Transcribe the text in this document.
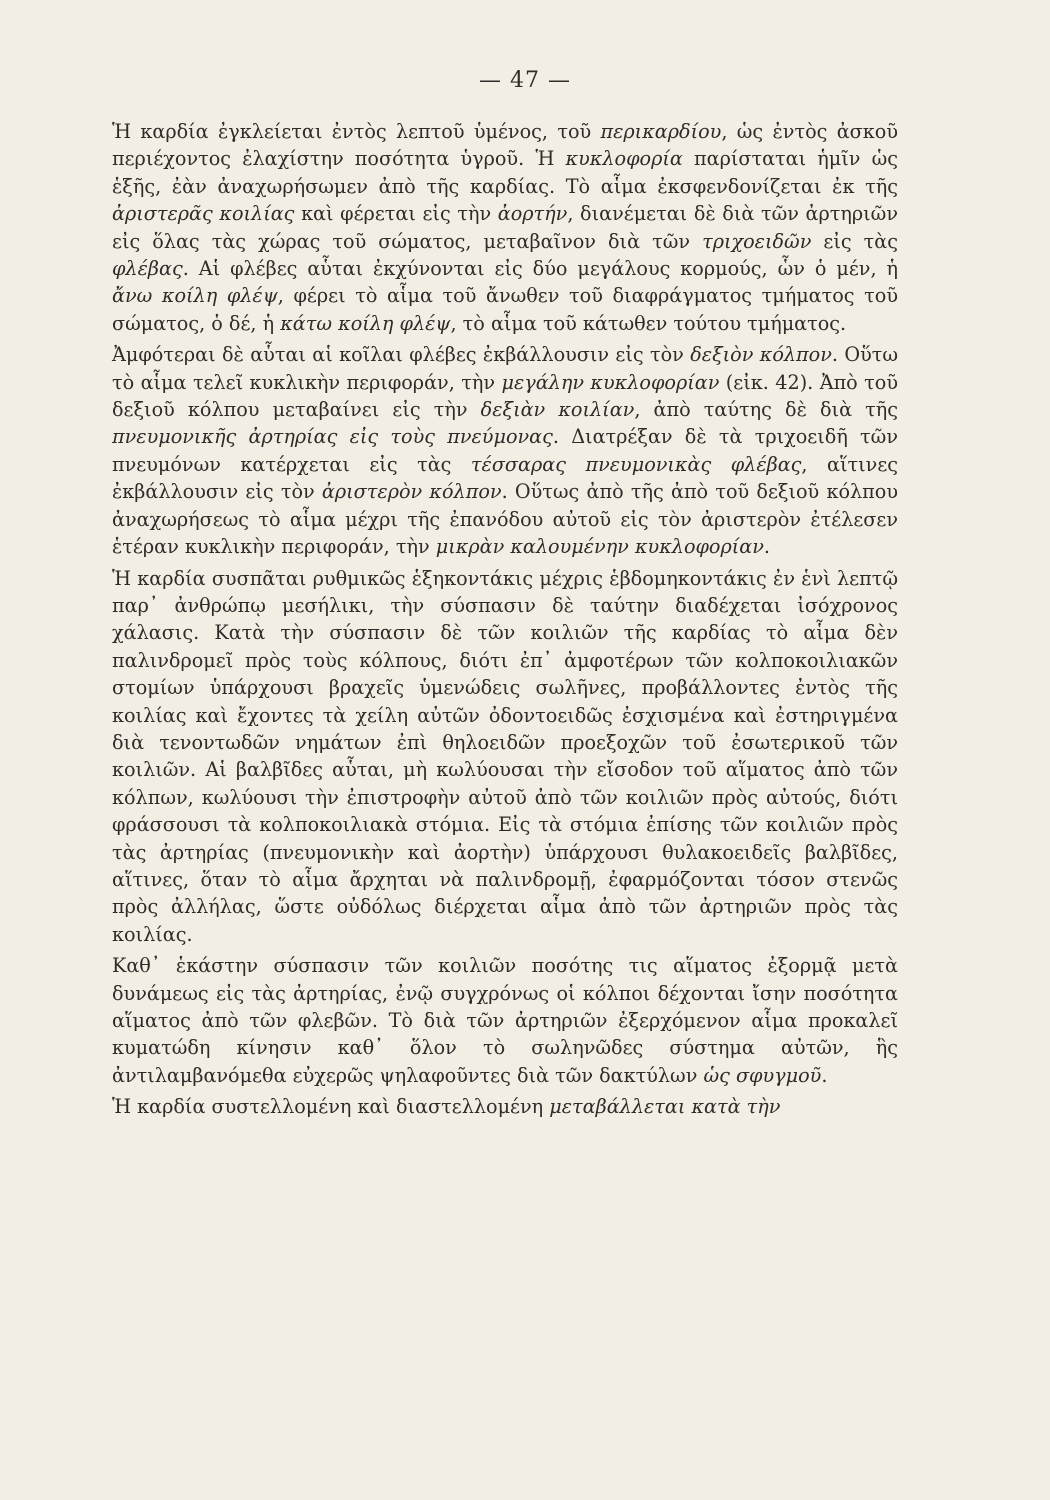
— 47 —

Ἡ καρδία ἐγκλείεται ἐντὸς λεπτοῦ ὑμένος, τοῦ περικαρδίου, ὡς ἐντὸς ἀσκοῦ περιέχοντος ἐλαχίστην ποσότητα ὑγροῦ. Ἡ κυκλοφορία παρίσταται ἡμῖν ὡς ἑξῆς, ἐὰν ἀναχωρήσωμεν ἀπὸ τῆς καρδίας. Τὸ αἷμα ἐκσφενδονίζεται ἐκ τῆς ἀριστερᾶς κοιλίας καὶ φέρεται εἰς τὴν ἀορτήν, διανέμεται δὲ διὰ τῶν ἀρτηριῶν εἰς ὅλας τὰς χώρας τοῦ σώματος, μεταβαῖνον διὰ τῶν τριχοειδῶν εἰς τὰς φλέβας. Αἱ φλέβες αὗται ἐκχύνονται εἰς δύο μεγάλους κορμούς, ὧν ὁ μέν, ἡ ἄνω κοίλη φλέψ, φέρει τὸ αἷμα τοῦ ἄνωθεν τοῦ διαφράγματος τμήματος τοῦ σώματος, ὁ δέ, ἡ κάτω κοίλη φλέψ, τὸ αἷμα τοῦ κάτωθεν τούτου τμήματος.

Ἀμφότεραι δὲ αὗται αἱ κοῖλαι φλέβες ἐκβάλλουσιν εἰς τὸν δεξιὸν κόλπον. Οὕτω τὸ αἷμα τελεῖ κυκλικὴν περιφοράν, τὴν μεγάλην κυκλοφορίαν (εἰκ. 42). Ἀπὸ τοῦ δεξιοῦ κόλπου μεταβαίνει εἰς τὴν δεξιὰν κοιλίαν, ἀπὸ ταύτης δὲ διὰ τῆς πνευμονικῆς ἀρτηρίας εἰς τοὺς πνεύμονας. Διατρέξαν δὲ τὰ τριχοειδῆ τῶν πνευμόνων κατέρχεται εἰς τὰς τέσσαρας πνευμονικὰς φλέβας, αἵτινες ἐκβάλλουσιν εἰς τὸν ἀριστερὸν κόλπον. Οὕτως ἀπὸ τῆς ἀπὸ τοῦ δεξιοῦ κόλπου ἀναχωρήσεως τὸ αἷμα μέχρι τῆς ἐπανόδου αὐτοῦ εἰς τὸν ἀριστερὸν ἐτέλεσεν ἑτέραν κυκλικὴν περιφοράν, τὴν μικρὰν καλουμένην κυκλοφορίαν.

Ἡ καρδία συσπᾶται ρυθμικῶς ἑξηκοντάκις μέχρις ἑβδομηκοντάκις ἐν ἑνὶ λεπτῷ παρ᾽ ἀνθρώπῳ μεσήλικι, τὴν σύσπασιν δὲ ταύτην διαδέχεται ἰσόχρονος χάλασις. Κατὰ τὴν σύσπασιν δὲ τῶν κοιλιῶν τῆς καρδίας τὸ αἷμα δὲν παλινδρομεῖ πρὸς τοὺς κόλπους, διότι ἐπ᾽ ἀμφοτέρων τῶν κολποκοιλιακῶν στομίων ὑπάρχουσι βραχεῖς ὑμενώδεις σωλῆνες, προβάλλοντες ἐντὸς τῆς κοιλίας καὶ ἔχοντες τὰ χείλη αὐτῶν ὀδοντοειδῶς ἐσχισμένα καὶ ἐστηριγμένα διὰ τενοντωδῶν νημάτων ἐπὶ θηλοειδῶν προεξοχῶν τοῦ ἐσωτερικοῦ τῶν κοιλιῶν. Αἱ βαλβῖδες αὗται, μὴ κωλύουσαι τὴν εἴσοδον τοῦ αἵματος ἀπὸ τῶν κόλπων, κωλύουσι τὴν ἐπιστροφὴν αὐτοῦ ἀπὸ τῶν κοιλιῶν πρὸς αὐτούς, διότι φράσσουσι τὰ κολποκοιλιακὰ στόμια. Εἰς τὰ στόμια ἐπίσης τῶν κοιλιῶν πρὸς τὰς ἀρτηρίας (πνευμονικὴν καὶ ἀορτὴν) ὑπάρχουσι θυλακοειδεῖς βαλβῖδες, αἵτινες, ὅταν τὸ αἷμα ἄρχηται νὰ παλινδρομῇ, ἐφαρμόζονται τόσον στενῶς πρὸς ἀλλήλας, ὥστε οὐδόλως διέρχεται αἷμα ἀπὸ τῶν ἀρτηριῶν πρὸς τὰς κοιλίας.

Καθ᾽ ἑκάστην σύσπασιν τῶν κοιλιῶν ποσότης τις αἵματος ἐξορμᾷ μετὰ δυνάμεως εἰς τὰς ἀρτηρίας, ἐνῷ συγχρόνως οἱ κόλποι δέχονται ἴσην ποσότητα αἵματος ἀπὸ τῶν φλεβῶν. Τὸ διὰ τῶν ἀρτηριῶν ἐξερχόμενον αἷμα προκαλεῖ κυματώδη κίνησιν καθ᾽ ὅλον τὸ σωληνῶδες σύστημα αὐτῶν, ἣς ἀντιλαμβανόμεθα εὐχερῶς ψηλαφοῦντες διὰ τῶν δακτύλων ὡς σφυγμοῦ.

Ἡ καρδία συστελλομένη καὶ διαστελλομένη μεταβάλλεται κατὰ τὴν
